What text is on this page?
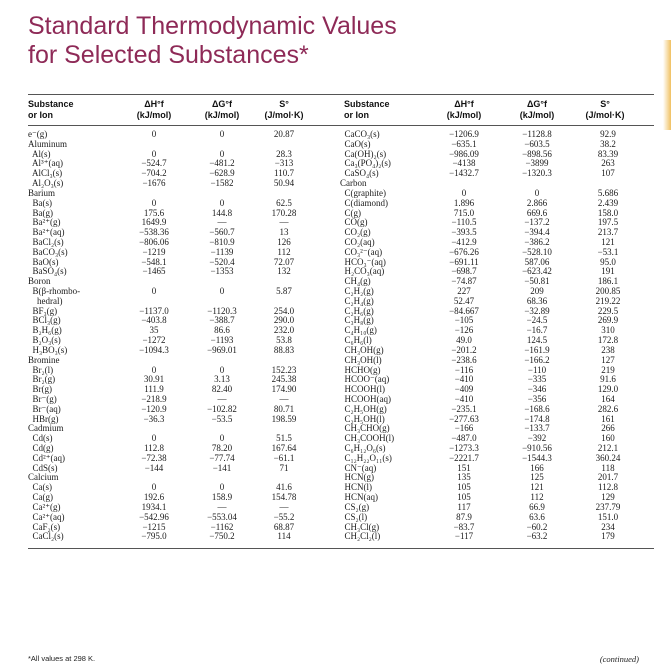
Standard Thermodynamic Values
for Selected Substances*
Substance
or Ion
ΔH°f
(kJ/mol)
ΔG°f
(kJ/mol)
S°
(J/mol·K)
Substance
or Ion
ΔH°f
(kJ/mol)
ΔG°f
(kJ/mol)
S°
(J/mol·K)
e⁻(g)
Aluminum
Al(s)
Al³⁺(aq)
AlCl₃(s)
Al₂O₃(s)
Barium
Ba(s)
Ba(g)
Ba²⁺(g)
Ba²⁺(aq)
BaCl₂(s)
BaCO₃(s)
BaO(s)
BaSO₄(s)
Boron
B(β-rhombo-
hedral)
BF₃(g)
BCl₃(g)
B₂H₆(g)
B₂O₃(s)
H₃BO₃(s)
Bromine
Br₂(l)
Br₂(g)
Br(g)
Br⁻(g)
Br⁻(aq)
HBr(g)
Cadmium
Cd(s)
Cd(g)
Cd²⁺(aq)
CdS(s)
Calcium
Ca(s)
Ca(g)
Ca²⁺(g)
Ca²⁺(aq)
CaF₂(s)
CaCl₂(s)
0

0
−524.7
−704.2
−1676

0
175.6
1649.9
−538.36
−806.06
−1219
−548.1
−1465

0

−1137.0
−403.8
35
−1272
−1094.3

0
30.91
111.9
−218.9
−120.9
−36.3

0
112.8
−72.38
−144

0
192.6
1934.1
−542.96
−1215
−795.0
0

0
−481.2
−628.9
−1582

0
144.8
—
−560.7
−810.9
−1139
−520.4
−1353

0

−1120.3
−388.7
86.6
−1193
−969.01

0
3.13
82.40
—
−102.82
−53.5

0
78.20
−77.74
−141

0
158.9
—
−553.04
−1162
−750.2
20.87

28.3
−313
110.7
50.94

62.5
170.28
—
13
126
112
72.07
132

5.87

254.0
290.0
232.0
53.8
88.83

152.23
245.38
174.90
—
80.71
198.59

51.5
167.64
−61.1
71

41.6
154.78
—
−55.2
68.87
114
CaCO₃(s)
CaO(s)
Ca(OH)₂(s)
Ca₃(PO₄)₂(s)
CaSO₄(s)
Carbon
C(graphite)
C(diamond)
C(g)
CO(g)
CO₂(g)
CO₂(aq)
CO₃²⁻(aq)
HCO₃⁻(aq)
H₂CO₃(aq)
CH₄(g)
C₂H₂(g)
C₂H₄(g)
C₂H₆(g)
C₃H₈(g)
C₄H₁₀(g)
C₆H₆(l)
CH₃OH(g)
CH₃OH(l)
HCHO(g)
HCOO⁻(aq)
HCOOH(l)
HCOOH(aq)
C₂H₅OH(g)
C₂H₅OH(l)
CH₃CHO(g)
CH₃COOH(l)
C₆H₁₂O₆(s)
C₁₂H₂₂O₁₁(s)
CN⁻(aq)
HCN(g)
HCN(l)
HCN(aq)
CS₂(g)
CS₂(l)
CH₃Cl(g)
CH₂Cl₂(l)
−1206.9
−635.1
−986.09
−4138
−1432.7

0
1.896
715.0
−110.5
−393.5
−412.9
−676.26
−691.11
−698.7
−74.87
227
52.47
−84.667
−105
−126
49.0
−201.2
−238.6
−116
−410
−409
−410
−235.1
−277.63
−166
−487.0
−1273.3
−2221.7
151
135
105
105
117
87.9
−83.7
−117
−1128.8
−603.5
−898.56
−3899
−1320.3

0
2.866
669.6
−137.2
−394.4
−386.2
−528.10
587.06
−623.42
−50.81
209
68.36
−32.89
−24.5
−16.7
124.5
−161.9
−166.2
−110
−335
−346
−356
−168.6
−174.8
−133.7
−392
−910.56
−1544.3
166
125
121
112
66.9
63.6
−60.2
−63.2
92.9
38.2
83.39
263
107

5.686
2.439
158.0
197.5
213.7
121
−53.1
95.0
191
186.1
200.85
219.22
229.5
269.9
310
172.8
238
127
219
91.6
129.0
164
282.6
161
266
160
212.1
360.24
118
201.7
112.8
129
237.79
151.0
234
179
*All values at 298 K.	(continued)
